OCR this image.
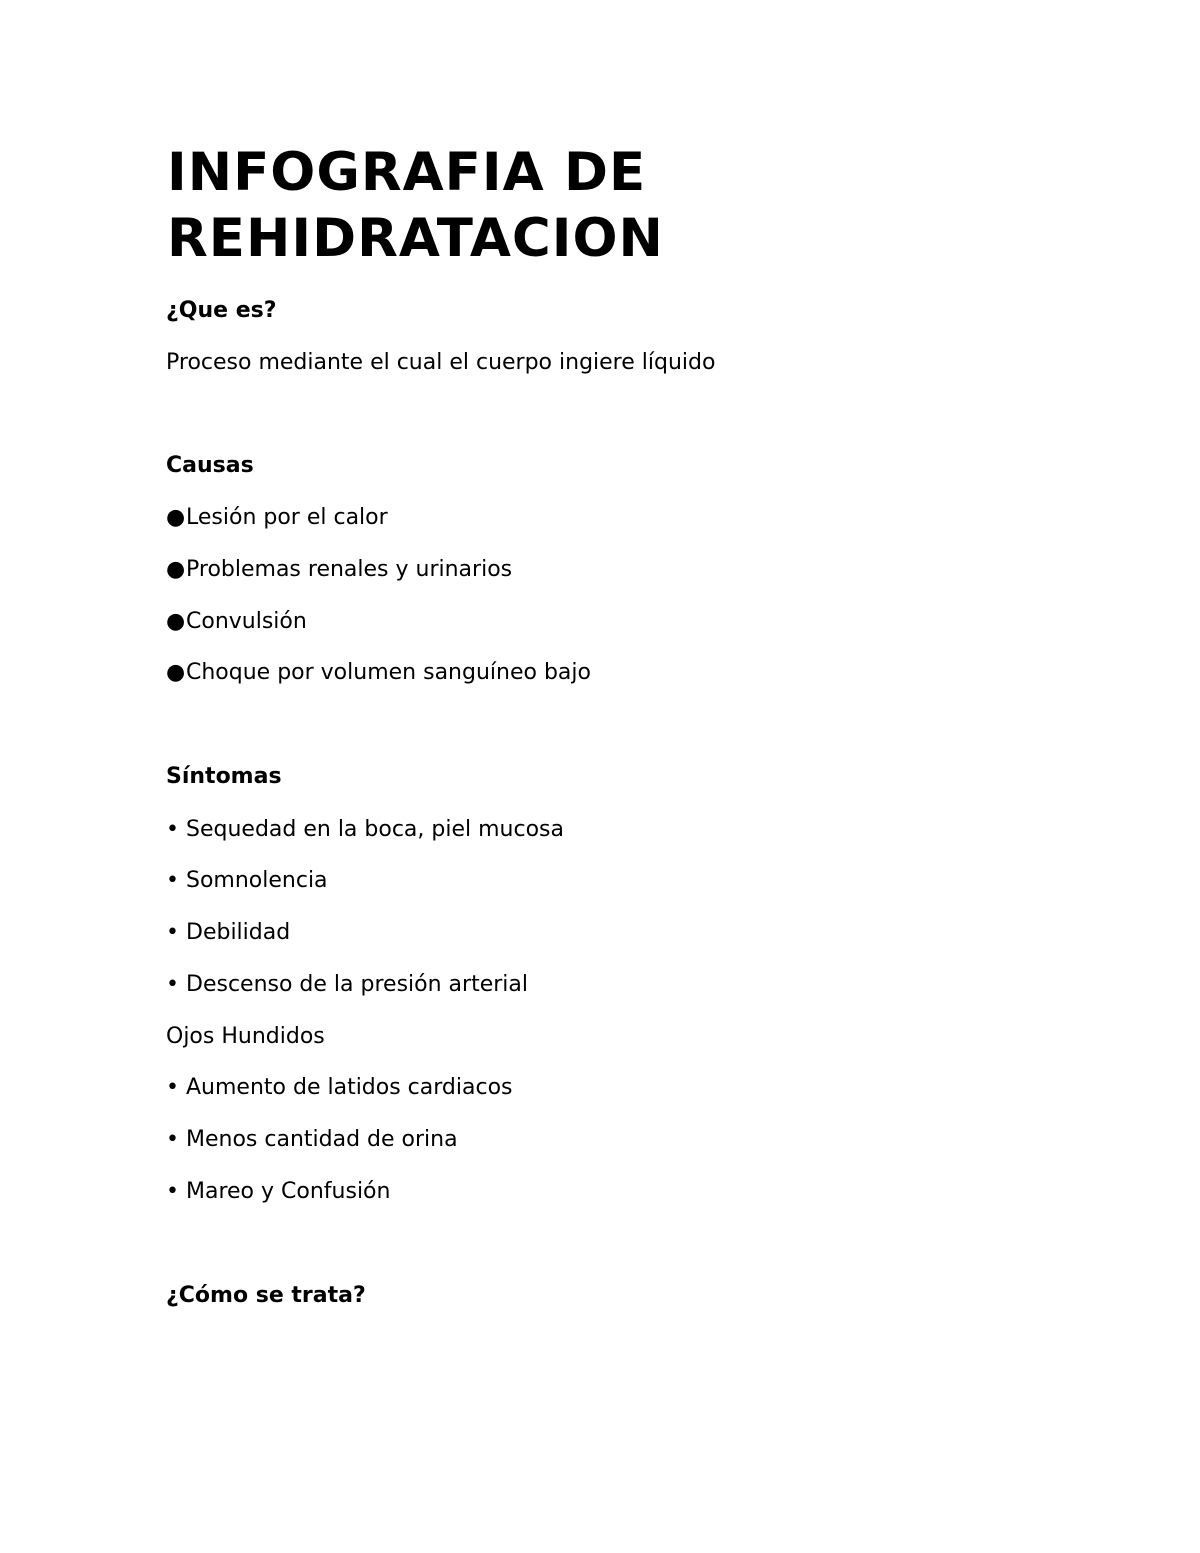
INFOGRAFIA DE
REHIDRATACION

¿Que es?

Proceso mediante el cual el cuerpo ingiere líquido

Causas

●Lesión por el calor

●Problemas renales y urinarios

●Convulsión

●Choque por volumen sanguíneo bajo

Síntomas

• Sequedad en la boca, piel mucosa

• Somnolencia

• Debilidad

• Descenso de la presión arterial

Ojos Hundidos

• Aumento de latidos cardiacos

• Menos cantidad de orina

• Mareo y Confusión

¿Cómo se trata?
